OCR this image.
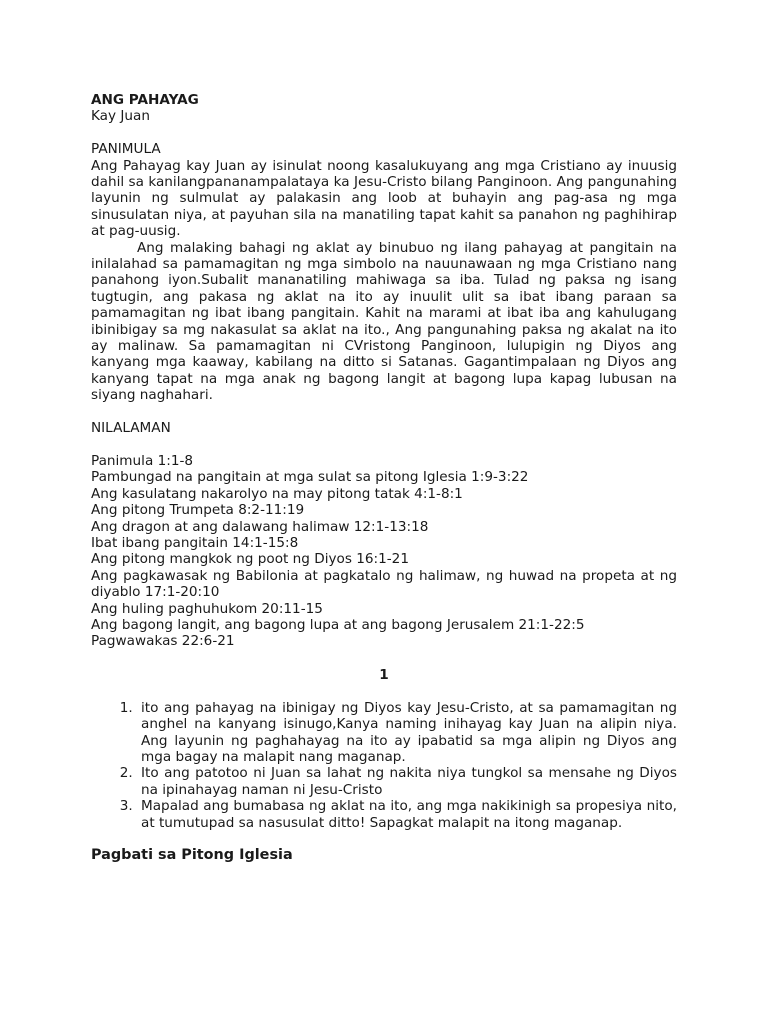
ANG PAHAYAG

Kay Juan

PANIMULA

Ang Pahayag kay Juan ay isinulat noong kasalukuyang ang mga Cristiano ay inuusig dahil sa kanilangpananampalataya ka Jesu-Cristo bilang Panginoon. Ang pangunahing layunin ng sulmulat ay palakasin ang loob at buhayin ang pag-asa ng mga sinusulatan niya, at payuhan sila na manatiling tapat kahit sa panahon ng paghihirap at pag-uusig.

Ang malaking bahagi ng aklat ay binubuo ng ilang pahayag at pangitain na inilalahad sa pamamagitan ng mga simbolo na nauunawaan ng mga Cristiano nang panahong iyon.Subalit mananatiling mahiwaga sa iba. Tulad ng paksa ng isang tugtugin, ang pakasa ng aklat na ito ay inuulit ulit sa ibat ibang paraan sa pamamagitan ng ibat ibang pangitain. Kahit na marami at ibat iba ang kahulugang ibinibigay sa mg nakasulat sa aklat na ito., Ang pangunahing paksa ng akalat na ito ay malinaw. Sa pamamagitan ni CVristong Panginoon, lulupigin ng Diyos ang kanyang mga kaaway, kabilang na ditto si Satanas. Gagantimpalaan ng Diyos ang kanyang tapat na mga anak ng bagong langit at bagong lupa kapag lubusan na siyang naghahari.

NILALAMAN

Panimula 1:1-8

Pambungad na pangitain at mga sulat sa pitong Iglesia 1:9-3:22

Ang kasulatang nakarolyo na may pitong tatak 4:1-8:1

Ang pitong Trumpeta 8:2-11:19

Ang dragon at ang dalawang halimaw 12:1-13:18

Ibat ibang pangitain 14:1-15:8

Ang pitong mangkok ng poot ng Diyos 16:1-21

Ang pagkawasak ng Babilonia at pagkatalo ng halimaw, ng huwad na propeta at ng diyablo 17:1-20:10

Ang huling paghuhukom 20:11-15

Ang bagong langit, ang bagong lupa at ang bagong Jerusalem 21:1-22:5

Pagwawakas 22:6-21

1

1. ito ang pahayag na ibinigay ng Diyos kay Jesu-Cristo, at sa pamamagitan ng anghel na kanyang isinugo,Kanya naming inihayag kay Juan na alipin niya. Ang layunin ng paghahayag na ito ay ipabatid sa mga alipin ng Diyos ang mga bagay na malapit nang maganap.
2. Ito ang patotoo ni Juan sa lahat ng nakita niya tungkol sa mensahe ng Diyos na ipinahayag naman ni Jesu-Cristo
3. Mapalad ang bumabasa ng aklat na ito, ang mga nakikinigh sa propesiya nito, at tumutupad sa nasusulat ditto! Sapagkat malapit na itong maganap.

Pagbati sa Pitong Iglesia
